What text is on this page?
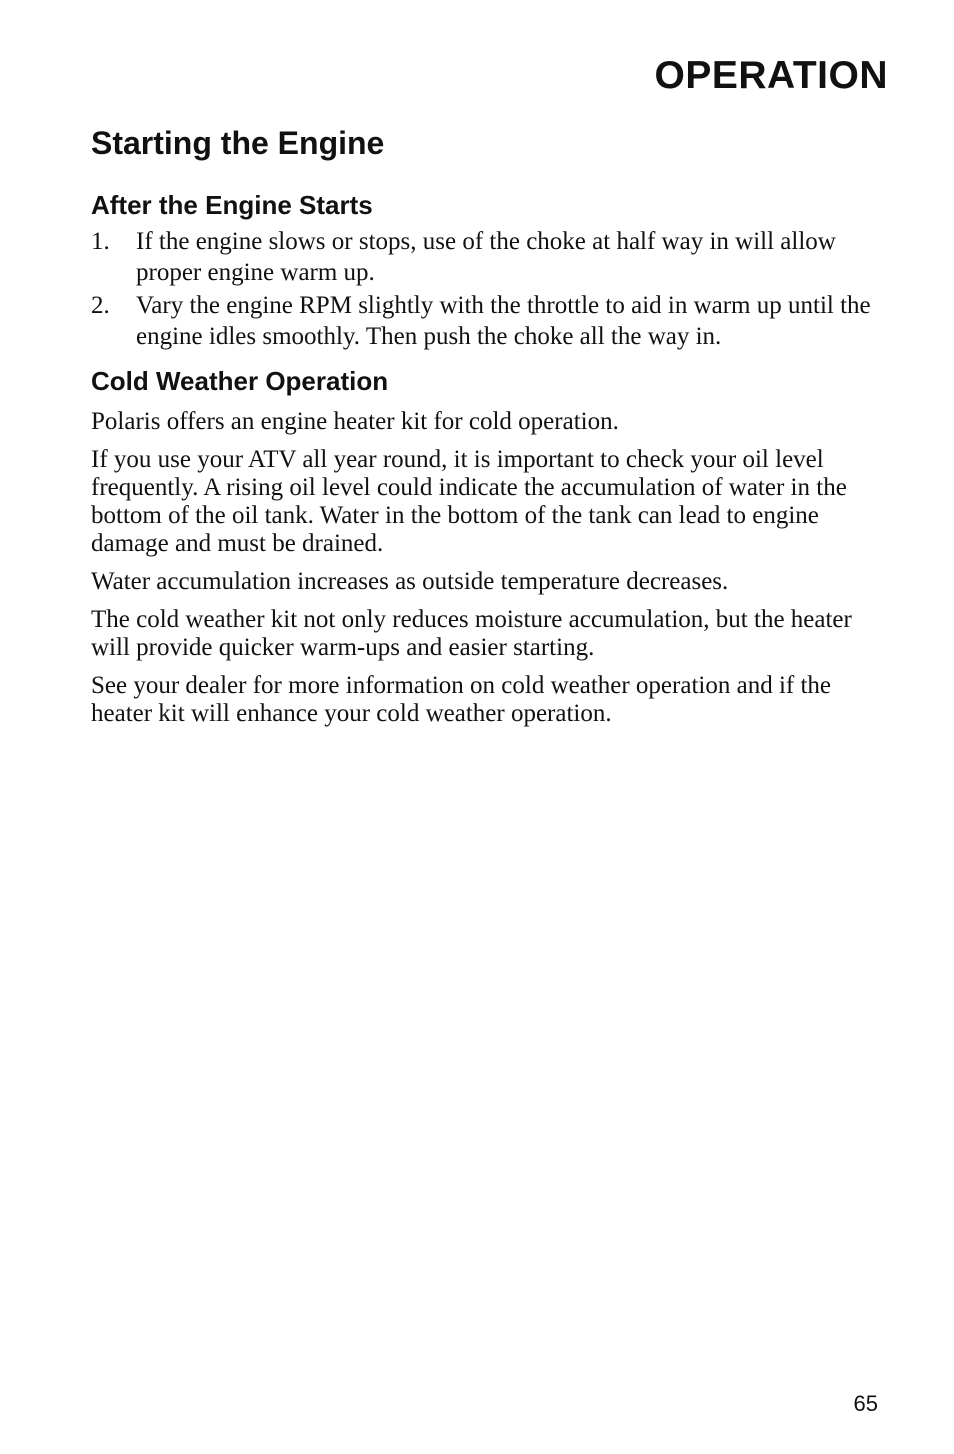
OPERATION
Starting the Engine
After the Engine Starts
1. If the engine slows or stops, use of the choke at half way in will allow proper engine warm up.
2. Vary the engine RPM slightly with the throttle to aid in warm up until the engine idles smoothly. Then push the choke all the way in.
Cold Weather Operation

Polaris offers an engine heater kit for cold operation.

If you use your ATV all year round, it is important to check your oil level frequently. A rising oil level could indicate the accumulation of water in the bottom of the oil tank. Water in the bottom of the tank can lead to engine damage and must be drained.

Water accumulation increases as outside temperature decreases.

The cold weather kit not only reduces moisture accumulation, but the heater will provide quicker warm-ups and easier starting.

See your dealer for more information on cold weather operation and if the heater kit will enhance your cold weather operation.

65
